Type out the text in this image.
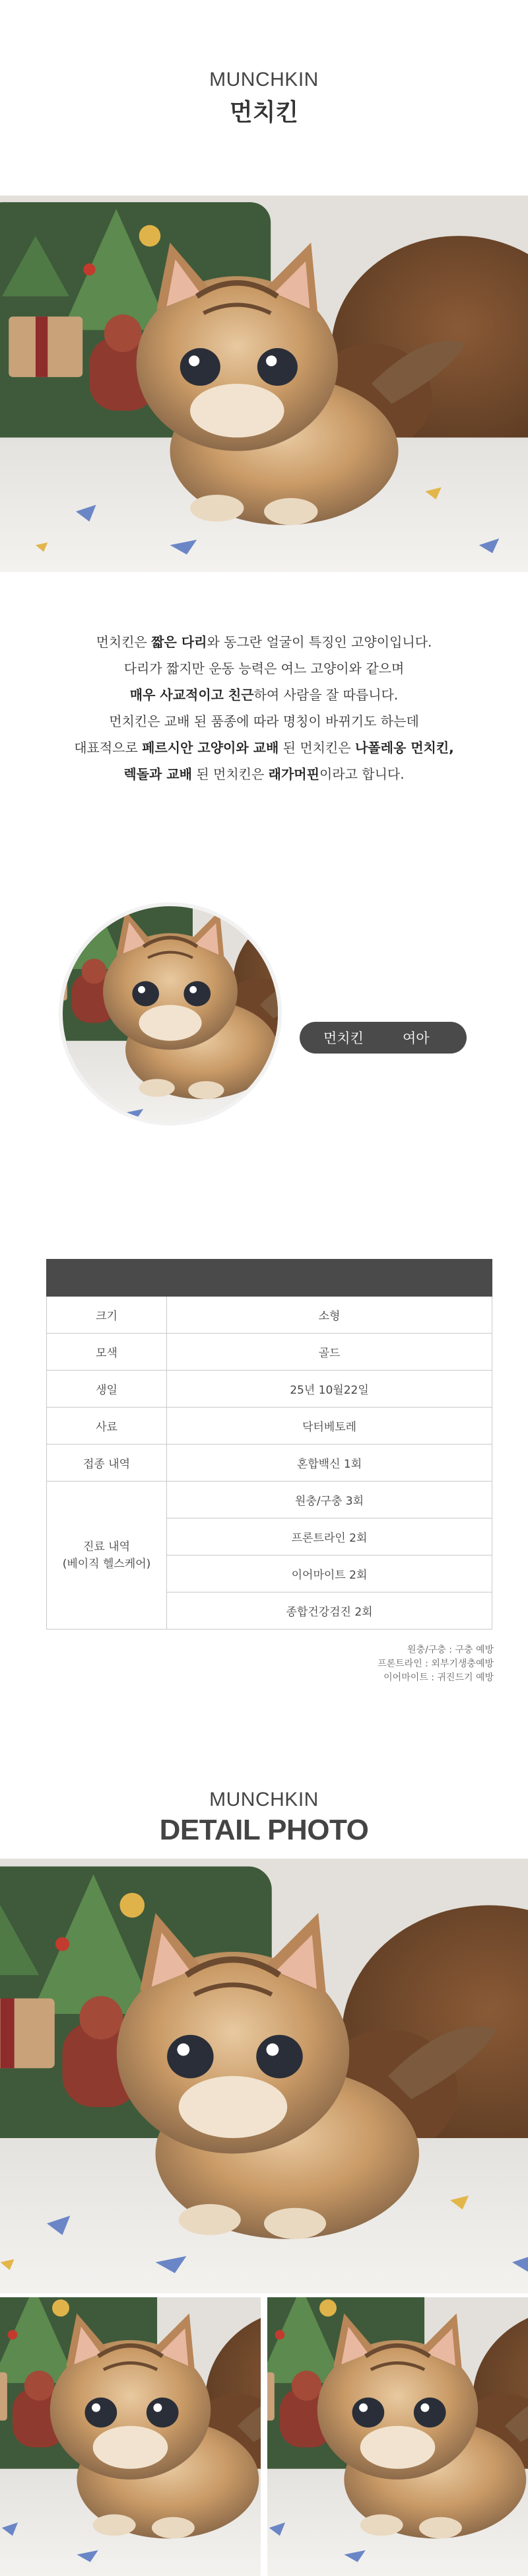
MUNCHKIN
먼치킨
먼치킨은 짧은 다리와 동그란 얼굴이 특징인 고양이입니다.
다리가 짧지만 운동 능력은 여느 고양이와 같으며
매우 사교적이고 친근하여 사람을 잘 따릅니다.
먼치킨은 교배 된 품종에 따라 명칭이 바뀌기도 하는데
대표적으로 페르시안 고양이와 교배 된 먼치킨은 나폴레옹 먼치킨,
렉돌과 교배 된 먼치킨은 래가머핀이라고 합니다.
먼치킨	여아

크기	소형
모색	골드
생일	25년 10월22일
사료	닥터베토레
접종 내역	혼합백신 1회

진료 내역
(베이직 헬스케어)	원충/구충 3회
	프론트라인 2회
	이어마이트 2회
	종합건강검진 2회
원충/구충 : 구충 예방
프론트라인 : 외부기생충예방
이어마이트 : 귀진드기 예방
MUNCHKIN
DETAIL PHOTO
